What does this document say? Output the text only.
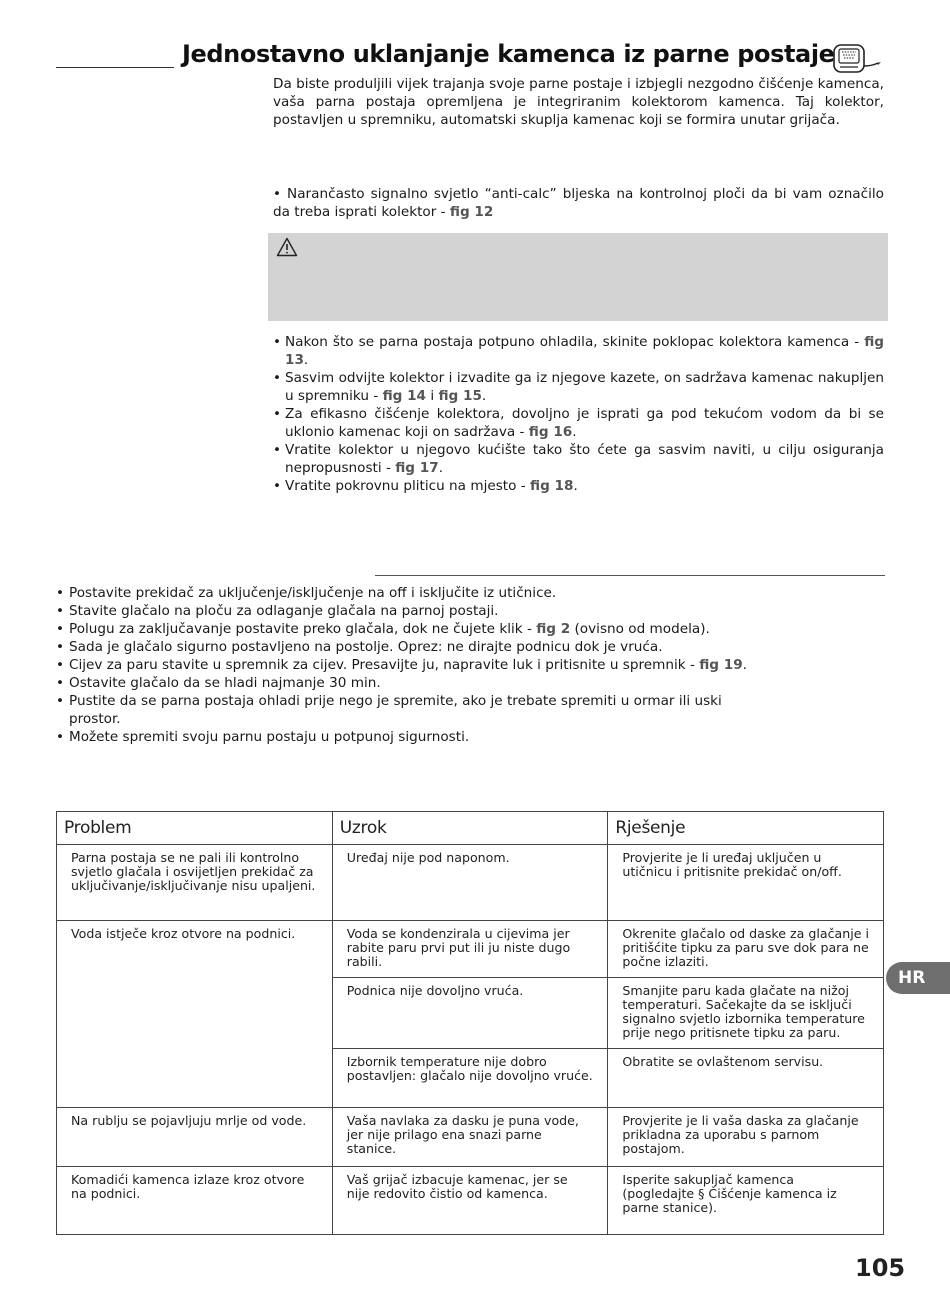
Jednostavno uklanjanje kamenca iz parne postaje

Da biste produljili vijek trajanja svoje parne postaje i izbjegli nezgodno čišćenje kamenca, vaša parna postaja opremljena je integriranim kolektorom kamenca. Taj kolektor, postavljen u spremniku, automatski skuplja kamenac koji se formira unutar grijača.

• Narančasto signalno svjetlo “anti-calc” bljeska na kontrolnoj ploči da bi vam označilo da treba isprati kolektor - fig 12

• Nakon što se parna postaja potpuno ohladila, skinite poklopac kolektora kamenca - fig 13.
• Sasvim odvijte kolektor i izvadite ga iz njegove kazete, on sadržava kamenac nakupljen u spremniku - fig 14 i fig 15.
• Za efikasno čišćenje kolektora, dovoljno je isprati ga pod tekućom vodom da bi se uklonio kamenac koji on sadržava - fig 16.
• Vratite kolektor u njegovo kućište tako što ćete ga sasvim naviti, u cilju osiguranja nepropusnosti - fig 17.
• Vratite pokrovnu pliticu na mjesto - fig 18.
• Postavite prekidač za uključenje/isključenje na off i isključite iz utičnice.
• Stavite glačalo na ploču za odlaganje glačala na parnoj postaji.
• Polugu za zaključavanje postavite preko glačala, dok ne čujete klik - fig 2 (ovisno od modela).
• Sada je glačalo sigurno postavljeno na postolje. Oprez: ne dirajte podnicu dok je vruća.
• Cijev za paru stavite u spremnik za cijev. Presavijte ju, napravite luk i pritisnite u spremnik - fig 19.
• Ostavite glačalo da se hladi najmanje 30 min.
• Pustite da se parna postaja ohladi prije nego je spremite, ako je trebate spremiti u ormar ili uski prostor.
• Možete spremiti svoju parnu postaju u potpunoj sigurnosti.
Problem	Uzrok	Rješenje
Parna postaja se ne pali ili kontrolno svjetlo glačala i osvijetljen prekidač za uključivanje/isključivanje nisu upaljeni.	Uređaj nije pod naponom.	Provjerite je li uređaj uključen u utičnicu i pritisnite prekidač on/off.
Voda istječe kroz otvore na podnici.	Voda se kondenzirala u cijevima jer rabite paru prvi put ili ju niste dugo rabili.	Okrenite glačalo od daske za glačanje i pritišćite tipku za paru sve dok para ne počne izlaziti.
	Podnica nije dovoljno vruća.	Smanjite paru kada glačate na nižoj temperaturi. Sačekajte da se isključi signalno svjetlo izbornika temperature prije nego pritisnete tipku za paru.
	Izbornik temperature nije dobro postavljen: glačalo nije dovoljno vruće.	Obratite se ovlaštenom servisu.
Na rublju se pojavljuju mrlje od vode.	Vaša navlaka za dasku je puna vode, jer nije prilago ena snazi parne stanice.	Provjerite je li vaša daska za glačanje prikladna za uporabu s parnom postajom.
Komadići kamenca izlaze kroz otvore na podnici.	Vaš grijač izbacuje kamenac, jer se nije redovito čistio od kamenca.	Isperite sakupljač kamenca (pogledajte § Čišćenje kamenca iz parne stanice).
HR
105
